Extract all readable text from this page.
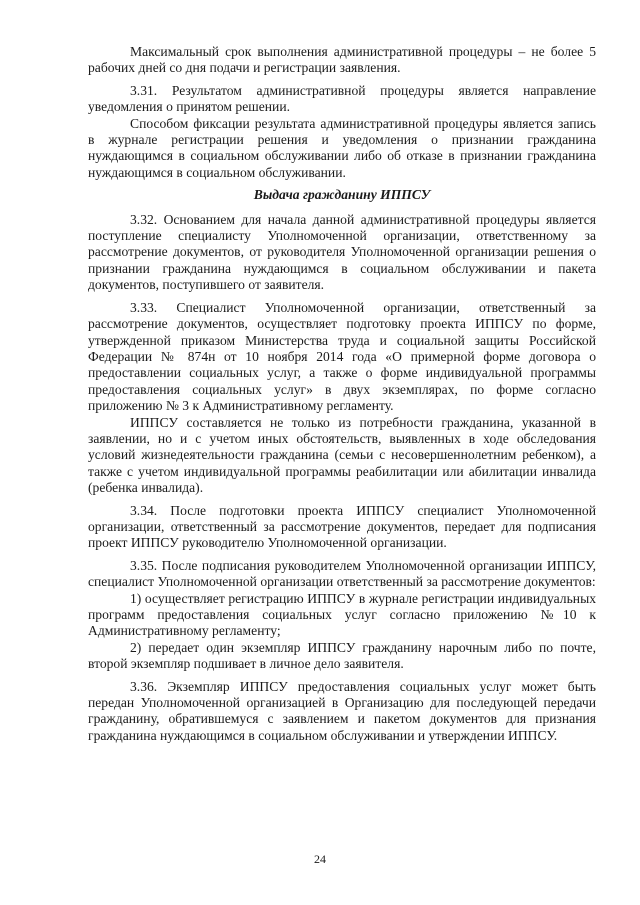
Максимальный срок выполнения административной процедуры – не более 5 рабочих дней со дня подачи и регистрации заявления.

3.31. Результатом административной процедуры является направление уведомления о принятом решении.

Способом фиксации результата административной процедуры является запись в журнале регистрации решения и уведомления о признании гражданина нуждающимся в социальном обслуживании либо об отказе в признании гражданина нуждающимся в социальном обслуживании.

Выдача гражданину ИППСУ

3.32. Основанием для начала данной административной процедуры является поступление специалисту Уполномоченной организации, ответственному за рассмотрение документов, от руководителя Уполномоченной организации решения о признании гражданина нуждающимся в социальном обслуживании и пакета документов, поступившего от заявителя.

3.33. Специалист Уполномоченной организации, ответственный за рассмотрение документов, осуществляет подготовку проекта ИППСУ по форме, утвержденной приказом Министерства труда и социальной защиты Российской Федерации № 874н от 10 ноября 2014 года «О примерной форме договора о предоставлении социальных услуг, а также о форме индивидуальной программы предоставления социальных услуг» в двух экземплярах, по форме согласно приложению № 3 к Административному регламенту.

ИППСУ составляется не только из потребности гражданина, указанной в заявлении, но и с учетом иных обстоятельств, выявленных в ходе обследования условий жизнедеятельности гражданина (семьи с несовершеннолетним ребенком), а также с учетом индивидуальной программы реабилитации или абилитации инвалида (ребенка инвалида).

3.34. После подготовки проекта ИППСУ специалист Уполномоченной организации, ответственный за рассмотрение документов, передает для подписания проект ИППСУ руководителю Уполномоченной организации.

3.35. После подписания руководителем Уполномоченной организации ИППСУ, специалист Уполномоченной организации ответственный за рассмотрение документов:

1) осуществляет регистрацию ИППСУ в журнале регистрации индивидуальных программ предоставления социальных услуг согласно приложению №10 к Административному регламенту;

2) передает один экземпляр ИППСУ гражданину нарочным либо по почте, второй экземпляр подшивает в личное дело заявителя.

3.36. Экземпляр ИППСУ предоставления социальных услуг может быть передан Уполномоченной организацией в Организацию для последующей передачи гражданину, обратившемуся с заявлением и пакетом документов для признания гражданина нуждающимся в социальном обслуживании и утверждении ИППСУ.

24
